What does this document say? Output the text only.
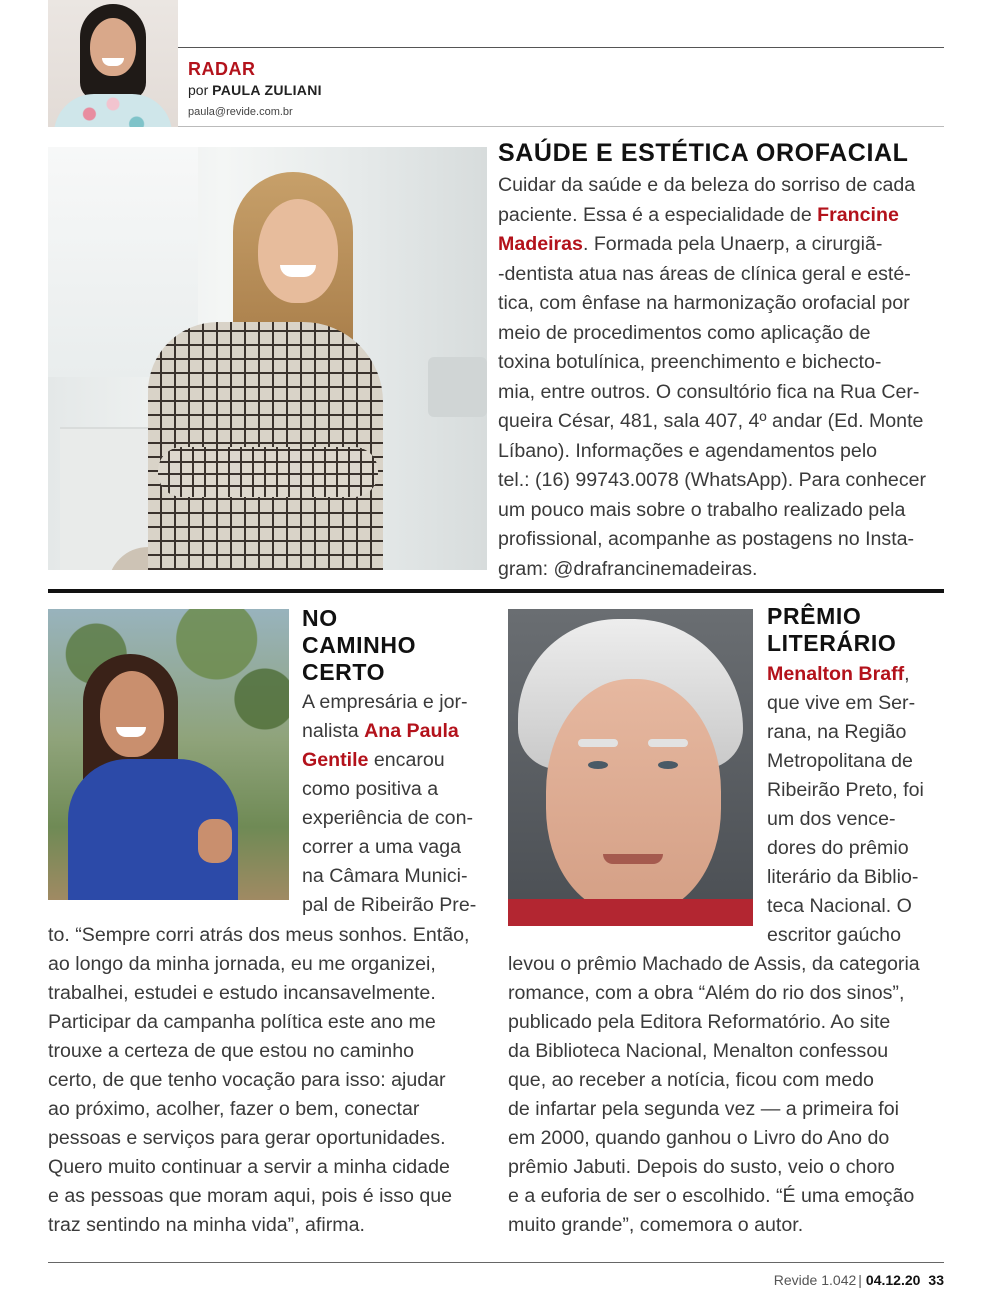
RADAR
por PAULA ZULIANI
paula@revide.com.br
SAÚDE E ESTÉTICA OROFACIAL
Cuidar da saúde e da beleza do sorriso de cada
paciente. Essa é a especialidade de Francine
Madeiras. Formada pela Unaerp, a cirurgiã-
-dentista atua nas áreas de clínica geral e esté-
tica, com ênfase na harmonização orofacial por
meio de procedimentos como aplicação de
toxina botulínica, preenchimento e bichecto-
mia, entre outros. O consultório fica na Rua Cer-
queira César, 481, sala 407, 4º andar (Ed. Monte
Líbano). Informações e agendamentos pelo
tel.: (16) 99743.0078 (WhatsApp). Para conhecer
um pouco mais sobre o trabalho realizado pela
profissional, acompanhe as postagens no Insta-
gram: @drafrancinemadeiras.
NO
CAMINHO
CERTO
A empresária e jor-
nalista Ana Paula
Gentile encarou
como positiva a
experiência de con-
correr a uma vaga
na Câmara Munici-
pal de Ribeirão Pre-
to. “Sempre corri atrás dos meus sonhos. Então,
ao longo da minha jornada, eu me organizei,
trabalhei, estudei e estudo incansavelmente.
Participar da campanha política este ano me
trouxe a certeza de que estou no caminho
certo, de que tenho vocação para isso: ajudar
ao próximo, acolher, fazer o bem, conectar
pessoas e serviços para gerar oportunidades.
Quero muito continuar a servir a minha cidade
e as pessoas que moram aqui, pois é isso que
traz sentindo na minha vida”, afirma.
PRÊMIO
LITERÁRIO
Menalton Braff,
que vive em Ser-
rana, na Região
Metropolitana de
Ribeirão Preto, foi
um dos vence-
dores do prêmio
literário da Biblio-
teca Nacional. O
escritor gaúcho
levou o prêmio Machado de Assis, da categoria
romance, com a obra “Além do rio dos sinos”,
publicado pela Editora Reformatório. Ao site
da Biblioteca Nacional, Menalton confessou
que, ao receber a notícia, ficou com medo
de infartar pela segunda vez — a primeira foi
em 2000, quando ganhou o Livro do Ano do
prêmio Jabuti. Depois do susto, veio o choro
e a euforia de ser o escolhido. “É uma emoção
muito grande”, comemora o autor.
Revide 1.042 | 04.12.20 33
